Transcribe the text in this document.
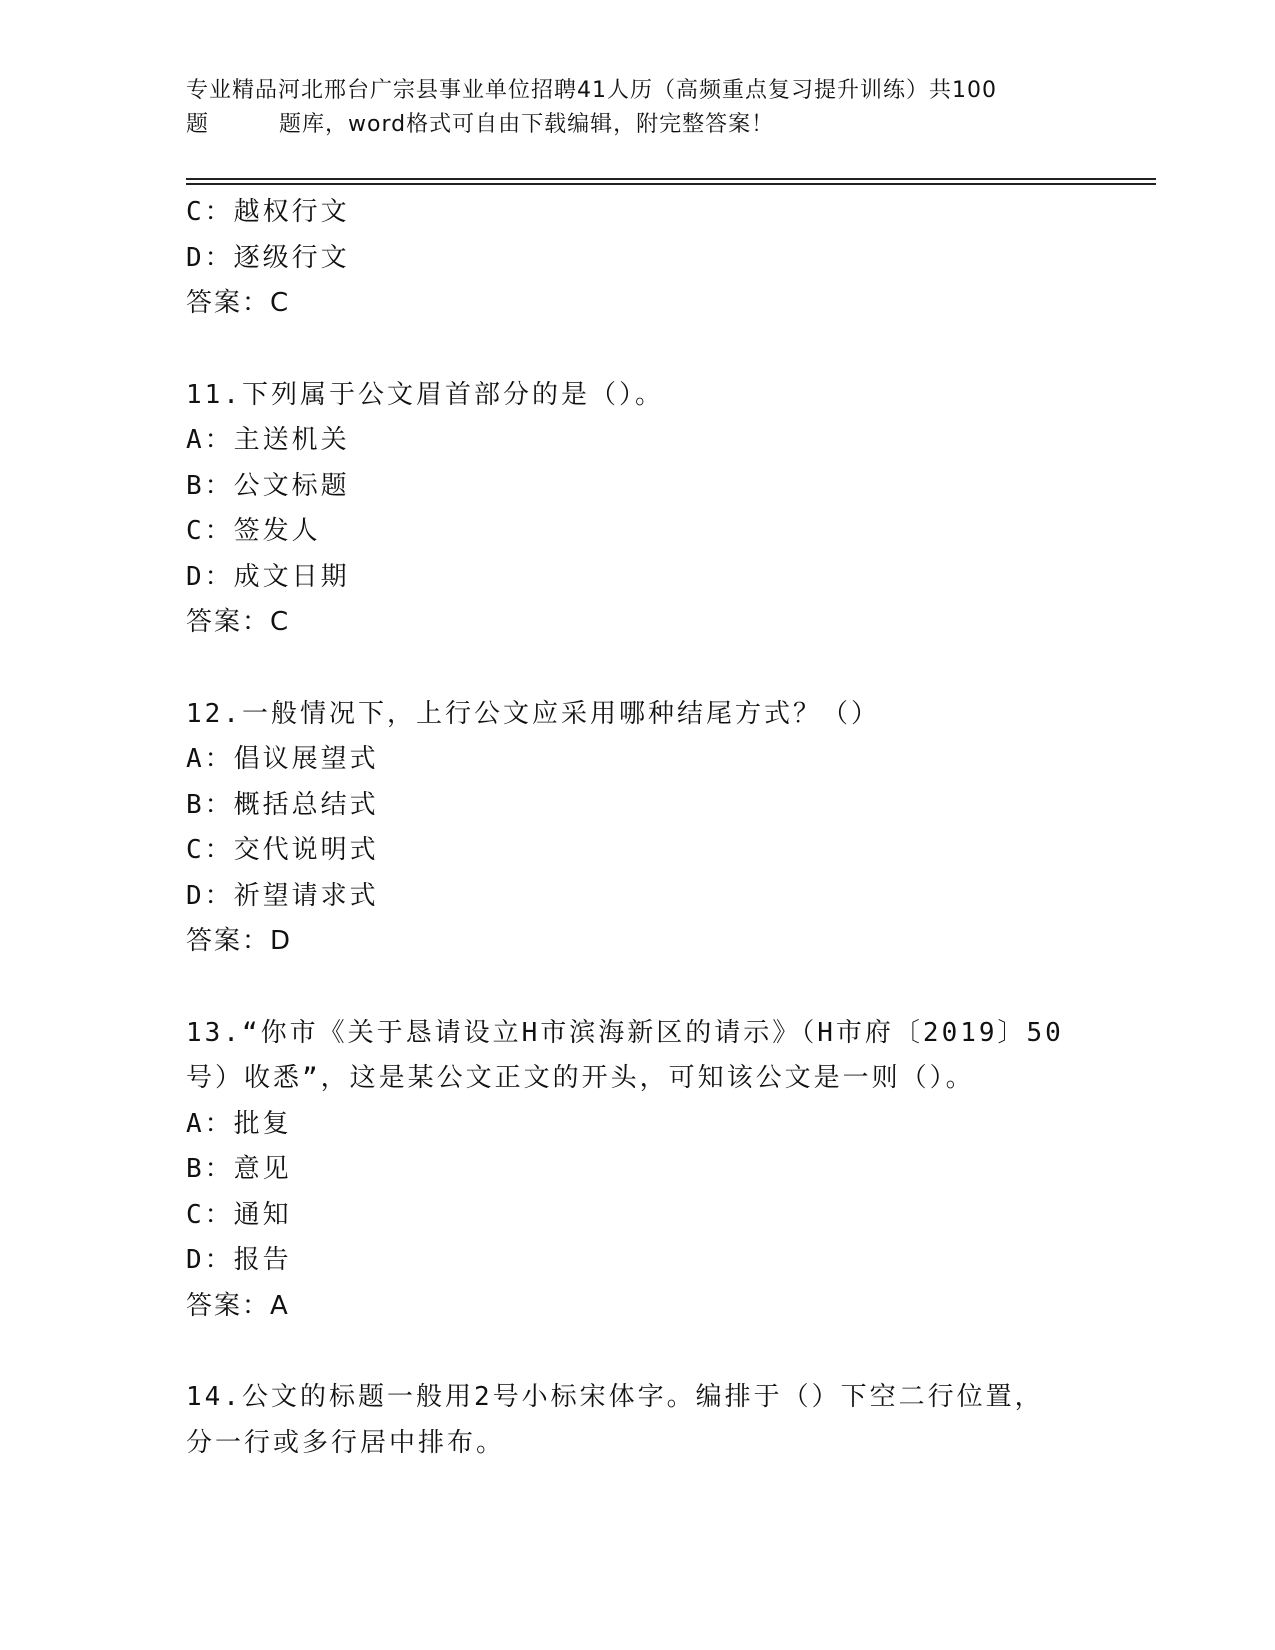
专业精品河北邢台广宗县事业单位招聘41人历（高频重点复习提升训练）共100
题	题库，word格式可自由下载编辑，附完整答案！
C：越权行文
D：逐级行文
答案：C
11.下列属于公文眉首部分的是（）。
A：主送机关
B：公文标题
C：签发人
D：成文日期
答案：C
12.一般情况下，上行公文应采用哪种结尾方式？（）
A：倡议展望式
B：概括总结式
C：交代说明式
D：祈望请求式
答案：D
13.“你市《关于恳请设立H市滨海新区的请示》（H市府〔2019〕50号）收悉”，这是某公文正文的开头，可知该公文是一则（）。
A：批复
B：意见
C：通知
D：报告
答案：A
14.公文的标题一般用2号小标宋体字。编排于（）下空二行位置，分一行或多行居中排布。
